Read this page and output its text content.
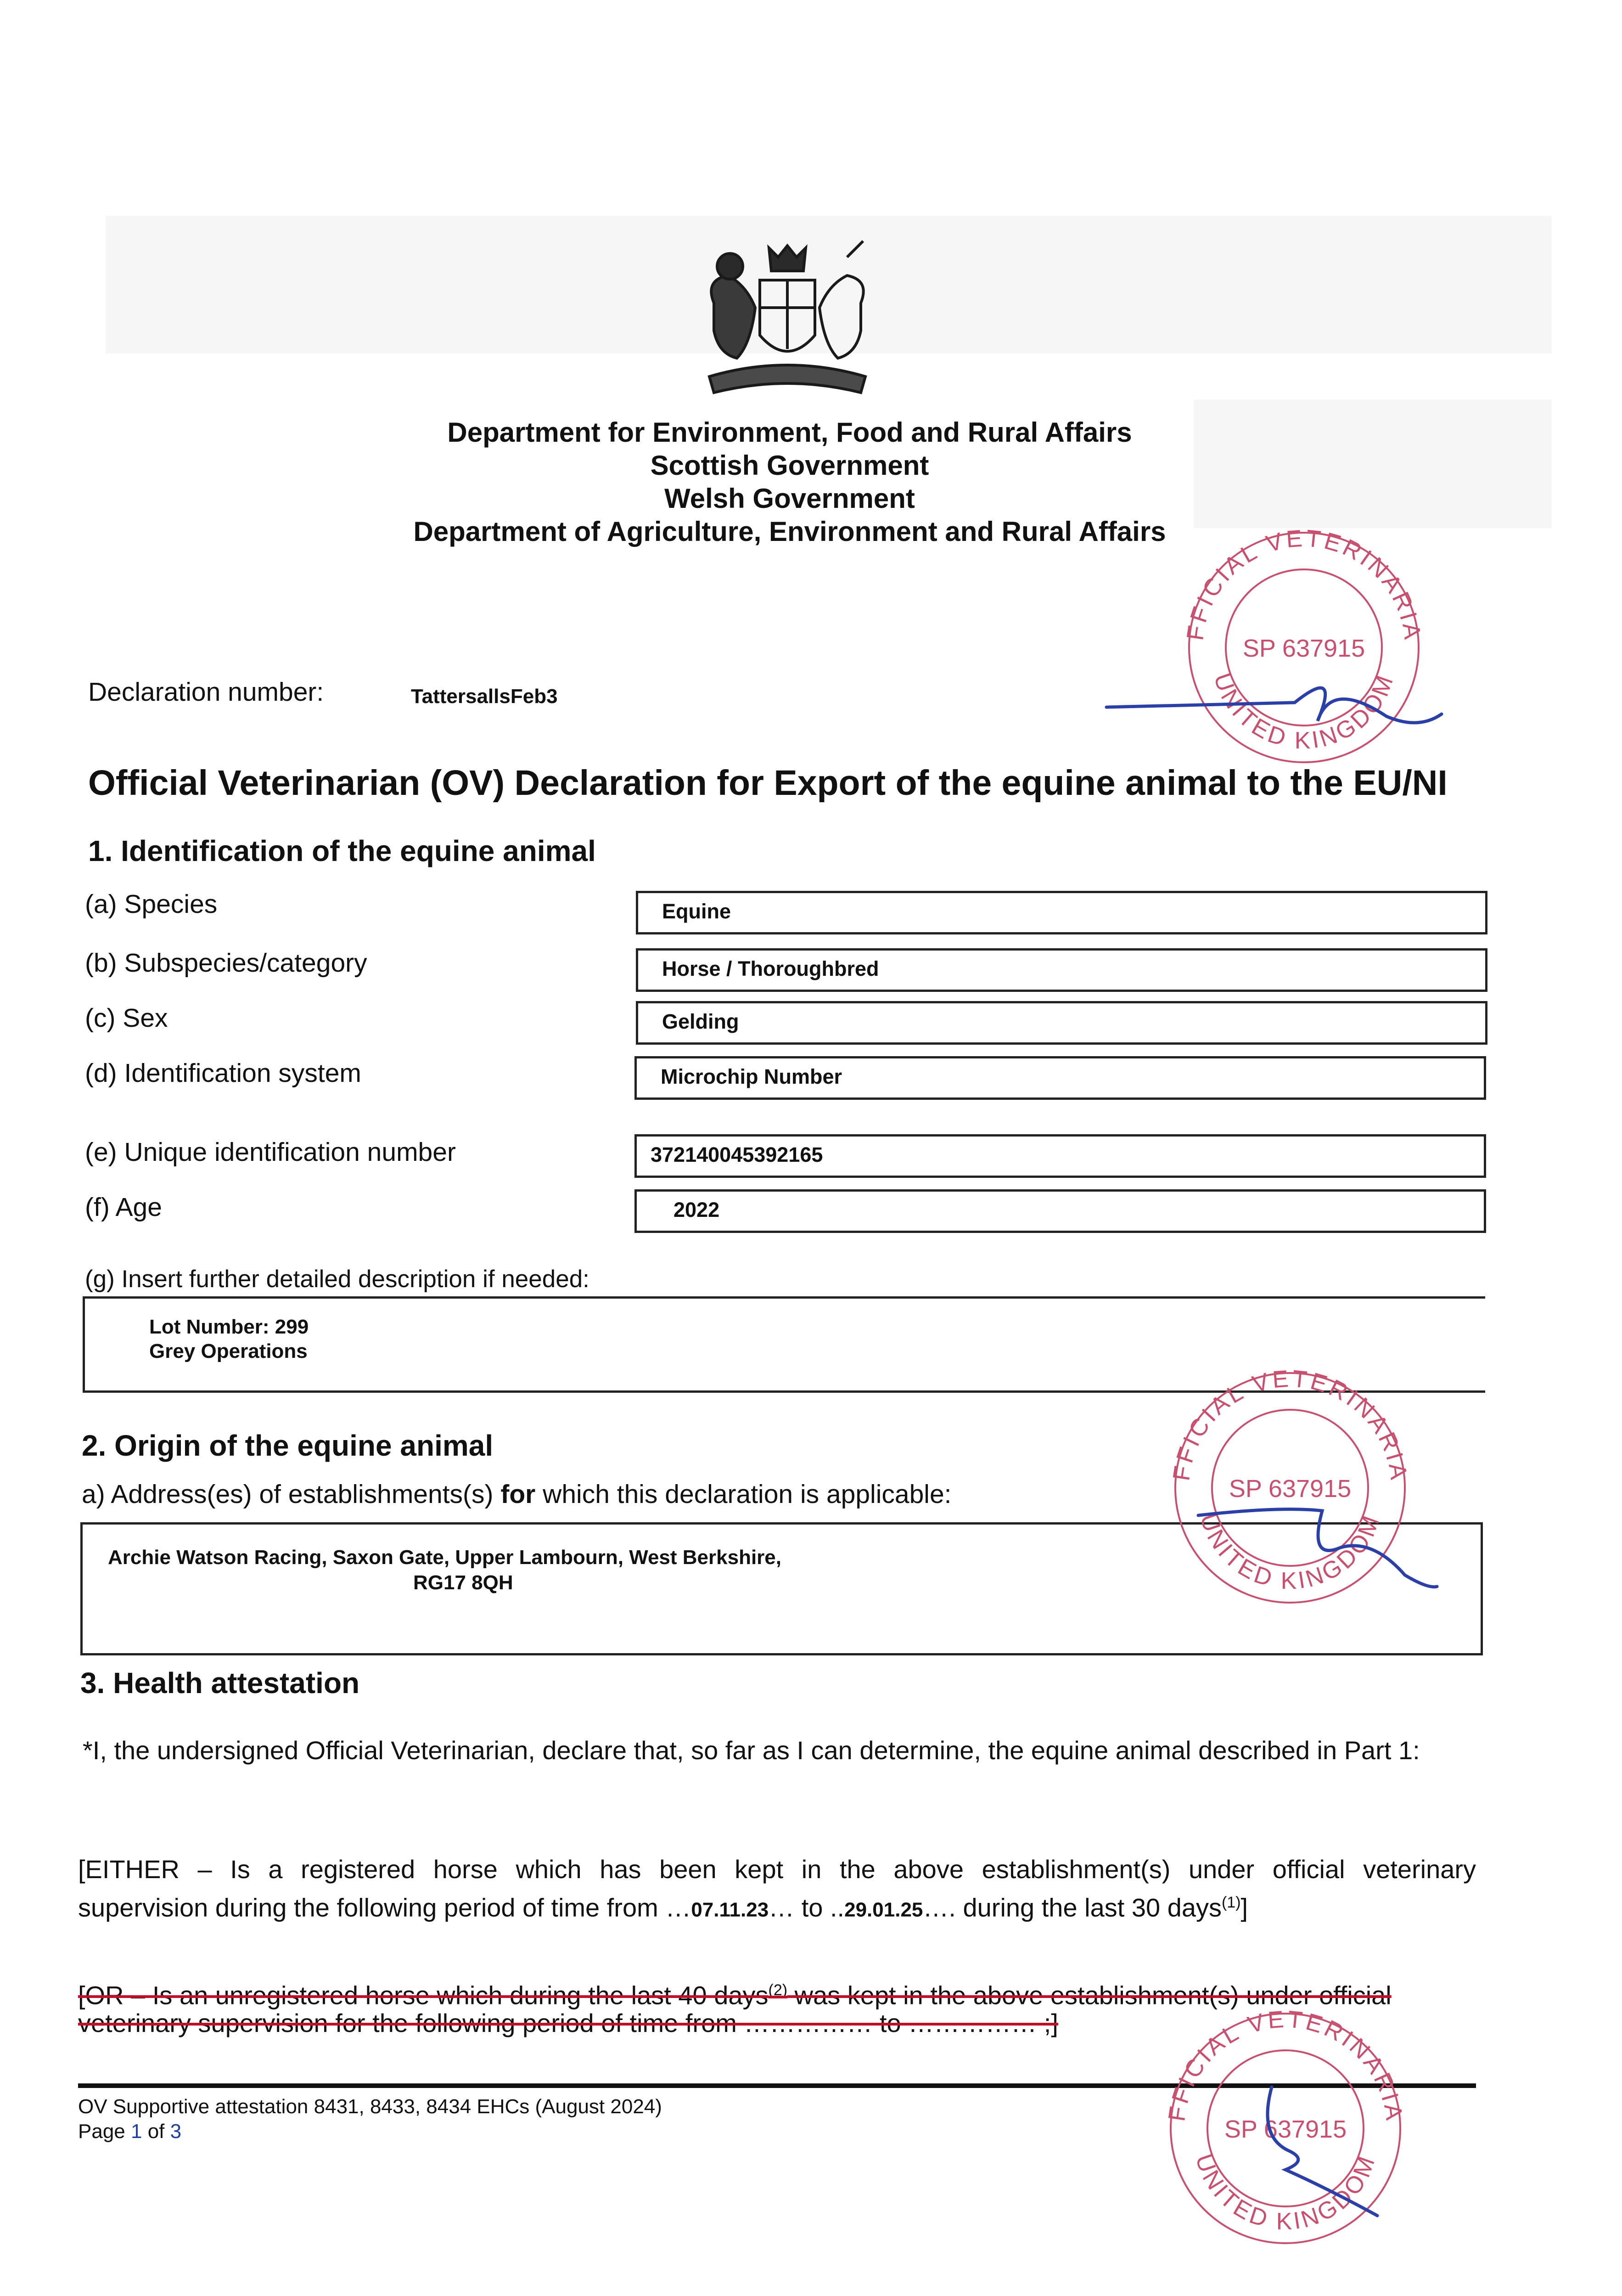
Department for Environment, Food and Rural Affairs
Scottish Government
Welsh Government
Department of Agriculture, Environment and Rural Affairs
Declaration number:	TattersallsFeb3
Official Veterinarian (OV) Declaration for Export of the equine animal to the EU/NI
1. Identification of the equine animal
(a) Species	Equine
(b) Subspecies/category	Horse / Thoroughbred
(c) Sex	Gelding
(d) Identification system	Microchip Number
(e) Unique identification number	372140045392165
(f) Age	2022
(g) Insert further detailed description if needed:
Lot Number: 299
Grey Operations
2. Origin of the equine animal
a) Address(es) of establishments(s) for which this declaration is applicable:
Archie Watson Racing, Saxon Gate, Upper Lambourn, West Berkshire,
RG17 8QH
3. Health attestation
*I, the undersigned Official Veterinarian, declare that, so far as I can determine, the equine animal described in Part 1:
[EITHER – Is a registered horse which has been kept in the above establishment(s) under official veterinary
supervision during the following period of time from …07.11.23… to ..29.01.25…. during the last 30 days$^{(1)}$]
[OR – Is an unregistered horse which during the last 40 days$^{(2)}$ was kept in the above establishment(s) under official
veterinary supervision for the following period of time from …………… to …………… ;]
OV Supportive attestation 8431, 8433, 8434 EHCs (August 2024)
Page 1 of 3
FFICIAL VETERINARIA
UNITED KINGDOM
SP 637915
FFICIAL VETERINARIA
UNITED KINGDOM
SP 637915
FFICIAL VETERINARIA
UNITED KINGDOM
SP 637915
